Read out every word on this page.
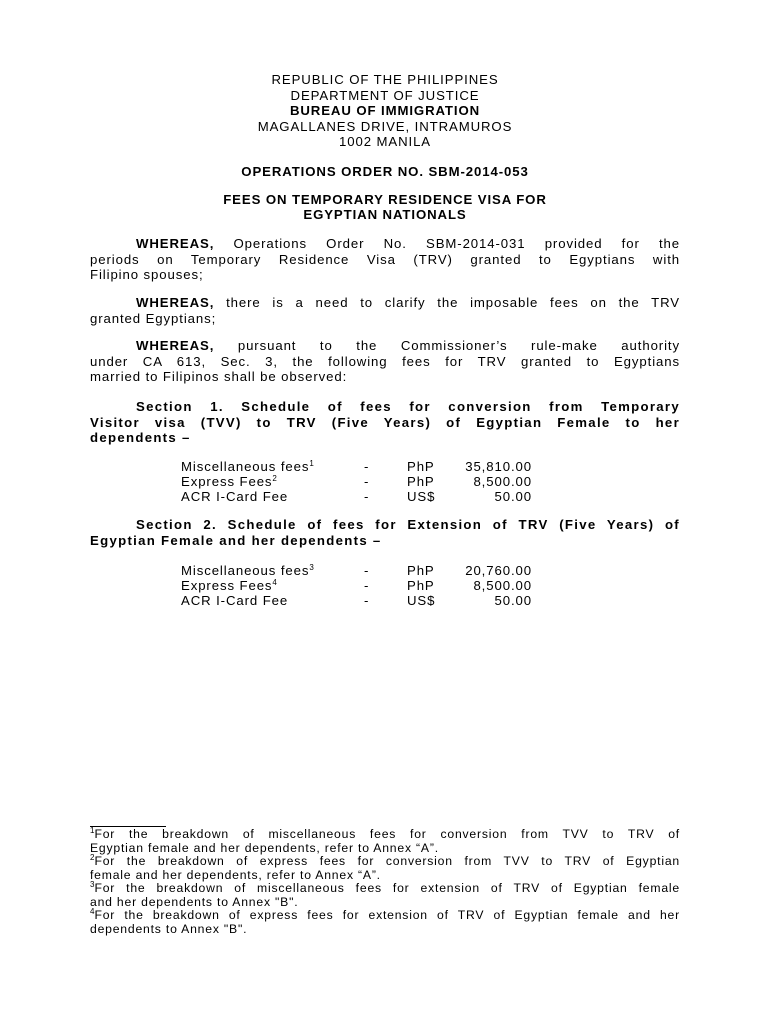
REPUBLIC OF THE PHILIPPINES
DEPARTMENT OF JUSTICE
BUREAU OF IMMIGRATION
MAGALLANES DRIVE, INTRAMUROS
1002 MANILA
OPERATIONS ORDER NO. SBM-2014-053
FEES ON TEMPORARY RESIDENCE VISA FOR
EGYPTIAN NATIONALS

WHEREAS, Operations Order No. SBM-2014-031 provided for the

periods on Temporary Residence Visa (TRV) granted to Egyptians with

Filipino spouses;

WHEREAS, there is a need to clarify the imposable fees on the TRV

granted Egyptians;

WHEREAS, pursuant to the Commissioner’s rule-make authority

under CA 613, Sec. 3, the following fees for TRV granted to Egyptians

married to Filipinos shall be observed:

Section 1. Schedule of fees for conversion from Temporary

Visitor visa (TVV) to TRV (Five Years) of Egyptian Female to her

dependents –

Miscellaneous fees$^1$	-	PhP	35,810.00
Express Fees$^2$	-	PhP	8,500.00
ACR I-Card Fee	-	US$	50.00

Section 2. Schedule of fees for Extension of TRV (Five Years) of

Egyptian Female and her dependents –

Miscellaneous fees$^3$	-	PhP	20,760.00
Express Fees$^4$	-	PhP	8,500.00
ACR I-Card Fee	-	US$	50.00

$^1$For the breakdown of miscellaneous fees for conversion from TVV to TRV of

Egyptian female and her dependents, refer to Annex “A”.

$^2$For the breakdown of express fees for conversion from TVV to TRV of Egyptian

female and her dependents, refer to Annex “A”.

$^3$For the breakdown of miscellaneous fees for extension of TRV of Egyptian female

and her dependents to Annex "B".

$^4$For the breakdown of express fees for extension of TRV of Egyptian female and her

dependents to Annex "B".
